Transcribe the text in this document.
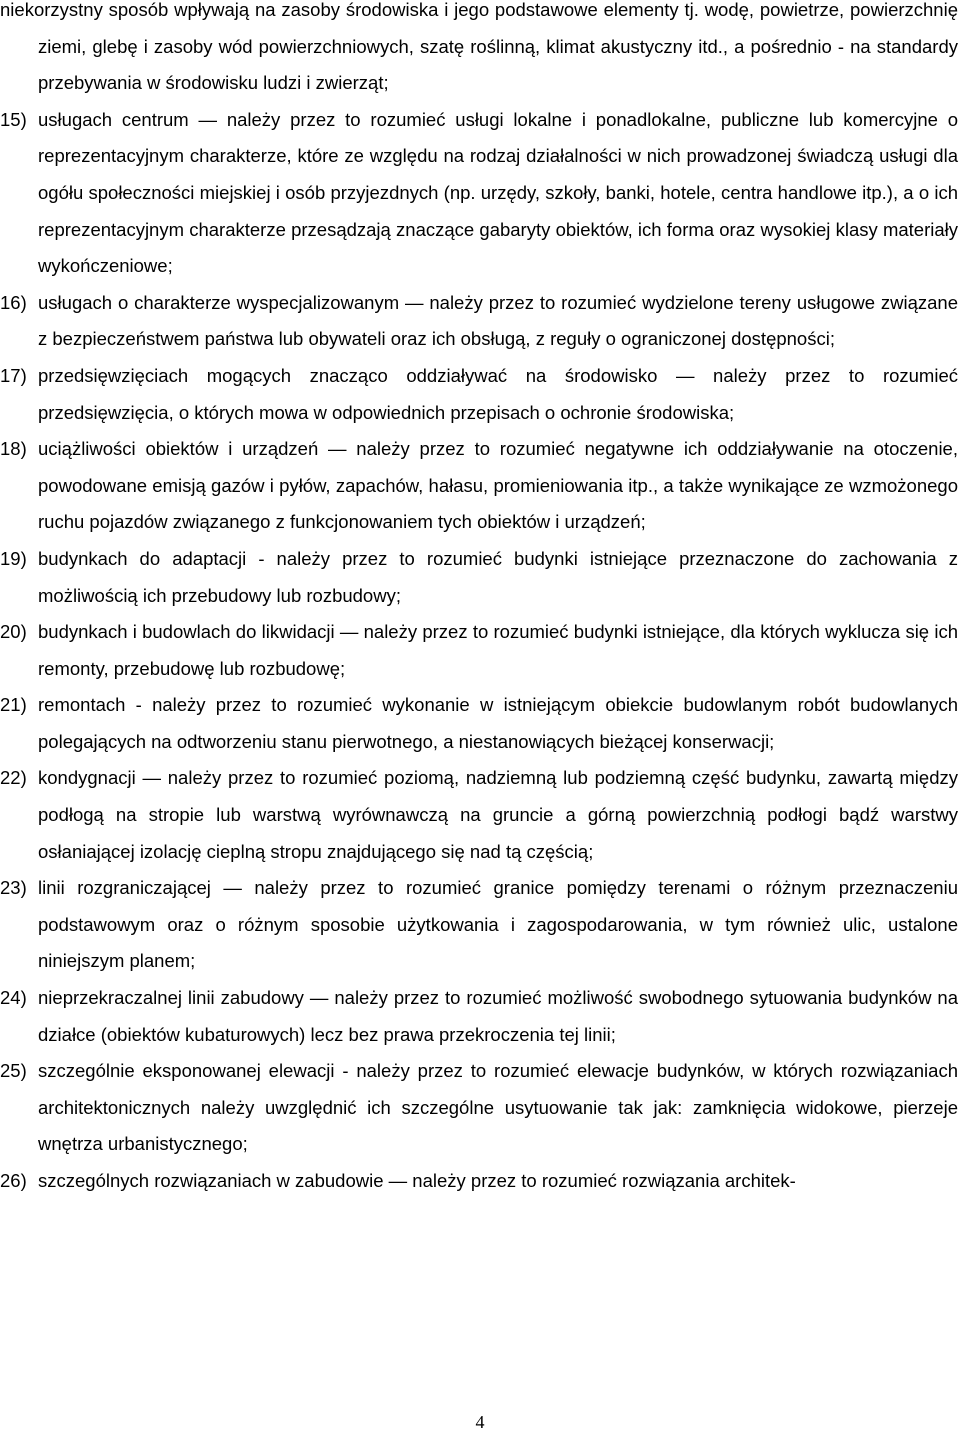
niekorzystny sposób wpływają na zasoby środowiska i jego podstawowe elementy tj. wodę, powietrze, powierzchnię ziemi, glebę i zasoby wód powierzchniowych, szatę roślinną, klimat akustyczny itd., a pośrednio - na standardy przebywania w środowisku ludzi i zwierząt;

15) usługach centrum — należy przez to rozumieć usługi lokalne i ponadlokalne, publiczne lub komercyjne o reprezentacyjnym charakterze, które ze względu na rodzaj działalności w nich prowadzonej świadczą usługi dla ogółu społeczności miejskiej i osób przyjezdnych (np. urzędy, szkoły, banki, hotele, centra handlowe itp.), a o ich reprezentacyjnym charakterze przesądzają znaczące gabaryty obiektów, ich forma oraz wysokiej klasy materiały wykończeniowe;
16) usługach o charakterze wyspecjalizowanym — należy przez to rozumieć wydzielone tereny usługowe związane z bezpieczeństwem państwa lub obywateli oraz ich obsługą, z reguły o ograniczonej dostępności;
17) przedsięwzięciach mogących znacząco oddziaływać na środowisko — należy przez to rozumieć przedsięwzięcia, o których mowa w odpowiednich przepisach o ochronie środowiska;
18) uciążliwości obiektów i urządzeń — należy przez to rozumieć negatywne ich oddziaływanie na otoczenie, powodowane emisją gazów i pyłów, zapachów, hałasu, promieniowania itp., a także wynikające ze wzmożonego ruchu pojazdów związanego z funkcjonowaniem tych obiektów i urządzeń;
19) budynkach do adaptacji - należy przez to rozumieć budynki istniejące przeznaczone do zachowania z możliwością ich przebudowy lub rozbudowy;
20) budynkach i budowlach do likwidacji — należy przez to rozumieć budynki istniejące, dla których wyklucza się ich remonty, przebudowę lub rozbudowę;
21) remontach - należy przez to rozumieć wykonanie w istniejącym obiekcie budowlanym robót budowlanych polegających na odtworzeniu stanu pierwotnego, a niestanowiących bieżącej konserwacji;
22) kondygnacji — należy przez to rozumieć poziomą, nadziemną lub podziemną część budynku, zawartą między podłogą na stropie lub warstwą wyrównawczą na gruncie a górną powierzchnią podłogi bądź warstwy osłaniającej izolację cieplną stropu znajdującego się nad tą częścią;
23) linii rozgraniczającej — należy przez to rozumieć granice pomiędzy terenami o różnym przeznaczeniu podstawowym oraz o różnym sposobie użytkowania i zagospodarowania, w tym również ulic, ustalone niniejszym planem;
24) nieprzekraczalnej linii zabudowy — należy przez to rozumieć możliwość swobodnego sytuowania budynków na działce (obiektów kubaturowych) lecz bez prawa przekroczenia tej linii;
25) szczególnie eksponowanej elewacji - należy przez to rozumieć elewacje budynków, w których rozwiązaniach architektonicznych należy uwzględnić ich szczególne usytuowanie tak jak: zamknięcia widokowe, pierzeje wnętrza urbanistycznego;
26) szczególnych rozwiązaniach w zabudowie — należy przez to rozumieć rozwiązania architek-
4
